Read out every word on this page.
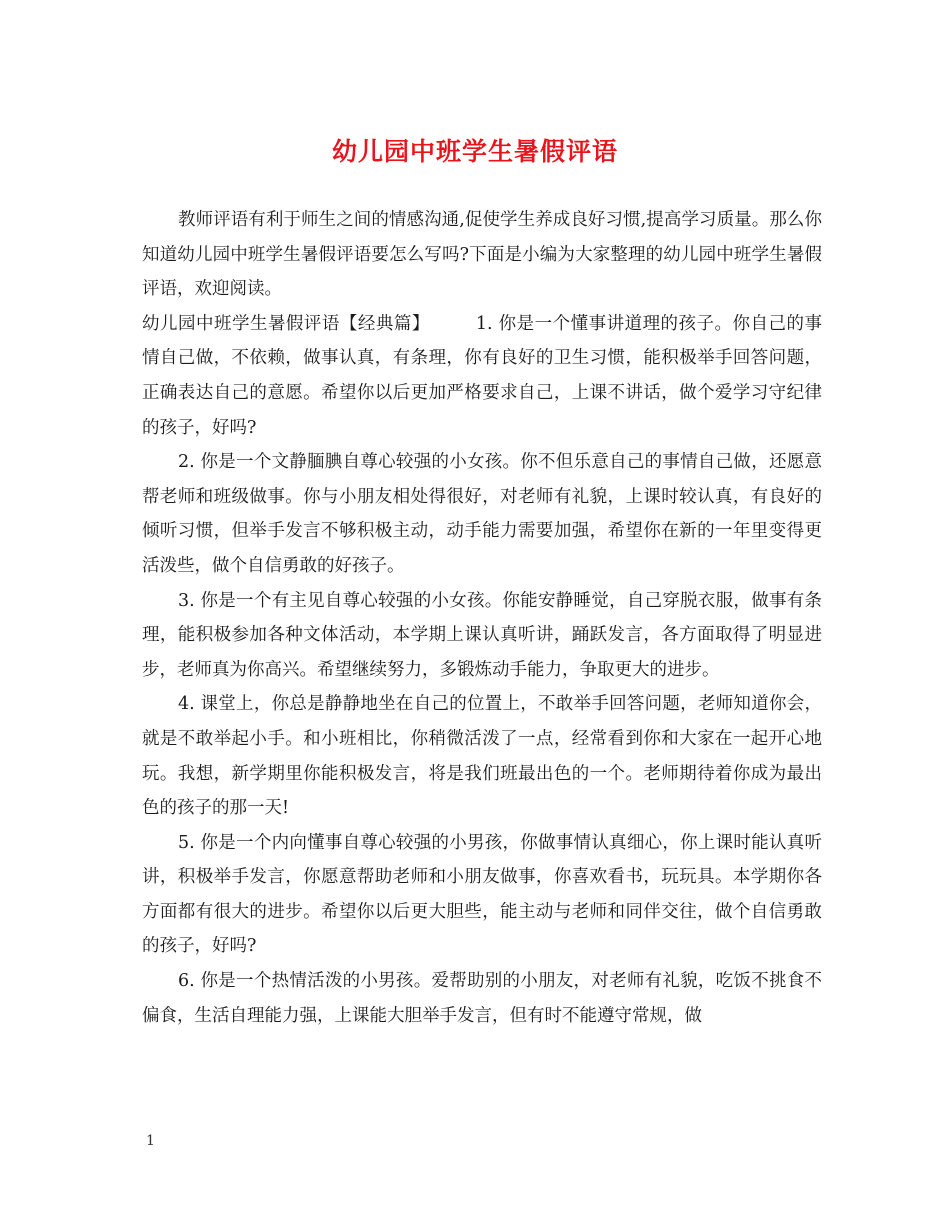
幼儿园中班学生暑假评语

教师评语有利于师生之间的情感沟通,促使学生养成良好习惯,提高学习质量。那么你知道幼儿园中班学生暑假评语要怎么写吗?下面是小编为大家整理的幼儿园中班学生暑假评语，欢迎阅读。

幼儿园中班学生暑假评语【经典篇】	1. 你是一个懂事讲道理的孩子。你自己的事情自己做，不依赖，做事认真，有条理，你有良好的卫生习惯，能积极举手回答问题，正确表达自己的意愿。希望你以后更加严格要求自己，上课不讲话，做个爱学习守纪律的孩子，好吗?

2. 你是一个文静腼腆自尊心较强的小女孩。你不但乐意自己的事情自己做，还愿意帮老师和班级做事。你与小朋友相处得很好，对老师有礼貌，上课时较认真，有良好的倾听习惯，但举手发言不够积极主动，动手能力需要加强，希望你在新的一年里变得更活泼些，做个自信勇敢的好孩子。

3. 你是一个有主见自尊心较强的小女孩。你能安静睡觉，自己穿脱衣服，做事有条理，能积极参加各种文体活动，本学期上课认真听讲，踊跃发言，各方面取得了明显进步，老师真为你高兴。希望继续努力，多锻炼动手能力，争取更大的进步。

4. 课堂上，你总是静静地坐在自己的位置上，不敢举手回答问题，老师知道你会，就是不敢举起小手。和小班相比，你稍微活泼了一点，经常看到你和大家在一起开心地玩。我想，新学期里你能积极发言，将是我们班最出色的一个。老师期待着你成为最出色的孩子的那一天!

5. 你是一个内向懂事自尊心较强的小男孩，你做事情认真细心，你上课时能认真听讲，积极举手发言，你愿意帮助老师和小朋友做事，你喜欢看书，玩玩具。本学期你各方面都有很大的进步。希望你以后更大胆些，能主动与老师和同伴交往，做个自信勇敢的孩子，好吗?

6. 你是一个热情活泼的小男孩。爱帮助别的小朋友，对老师有礼貌，吃饭不挑食不偏食，生活自理能力强，上课能大胆举手发言，但有时不能遵守常规，做

1
